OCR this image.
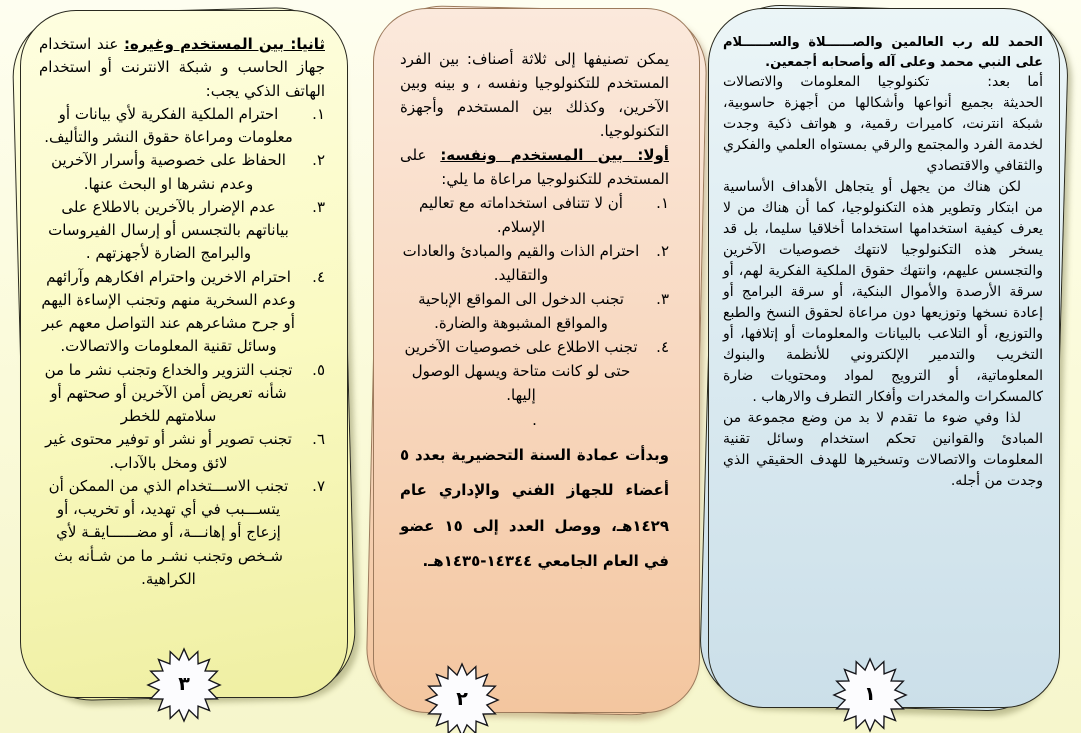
ثانيا: بين المستخدم وغيره: عند استخدام جهاز الحاسب و شبكة الانترنت أو استخدام الهاتف الذكي يجب:

١.
احترام الملكية الفكرية لأي بيانات أو معلومات ومراعاة حقوق النشر والتأليف.
٢.
الحفاظ على خصوصية وأسرار الآخرين وعدم نشرها او البحث عنها.
٣.
عدم الإضرار بالآخرين بالاطلاع على بياناتهم بالتجسس أو إرسال الفيروسات والبرامج الضارة لأجهزتهم .
٤.
احترام الاخرين واحترام افكارهم وآرائهم وعدم السخرية منهم وتجنب الإساءة اليهم أو جرح مشاعرهم عند التواصل معهم عبر وسائل تقنية المعلومات والاتصالات.
٥.
تجنب التزوير والخداع وتجنب نشر ما من شأنه تعريض أمن الآخرين أو صحتهم أو سلامتهم للخطر
٦.
تجنب تصوير أو نشر أو توفير محتوى غير لائق ومخل بالآداب.
٧.
تجنب الاســـتخدام الذي من الممكن أن يتســـبب في أي تهديد، أو تخريب، أو إزعاج أو إهانـــة، أو مضــــــايقـة لأي شـخص وتجنب نشـر ما من شـأنه بث الكراهية.
٣

يمكن تصنيفها إلى ثلاثة أصناف: بين الفرد المستخدم للتكنولوجيا ونفسه ، و بينه وبين الآخرين، وكذلك بين المستخدم وأجهزة التكنولوجيا.

أولا: بين المستخدم ونفسه: على المستخدم للتكنولوجيا مراعاة ما يلي:

١.
أن لا تتنافى استخداماته مع تعاليم الإسلام.
٢.
احترام الذات والقيم والمبادئ والعادات والتقاليد.
٣.
تجنب الدخول الى المواقع الإباحية والمواقع المشبوهة والضارة.
٤.
تجنب الاطلاع على خصوصيات الآخرين حتى لو كانت متاحة ويسهل الوصول إليها.

.

وبدأت عمادة السنة التحضيرية بعدد ٥ أعضاء للجهاز الفني والإداري عام ١٤٢٩هـ، ووصل العدد إلى ١٥ عضو في العام الجامعي ١٤٣٤٤-١٤٣٥هـ.

٢

الحمد لله رب العالمين والصــــــلاة والســــــلام على النبي محمد وعلى آله وأصحابه أجمعين.

أما بعد:تكنولوجيا المعلومات والاتصالات الحديثة بجميع أنواعها وأشكالها من أجهزة حاسوبية، شبكة انترنت، كاميرات رقمية، و هواتف ذكية وجدت لخدمة الفرد والمجتمع والرقي بمستواه العلمي والفكري والثقافي والاقتصادي

لكن هناك من يجهل أو يتجاهل الأهداف الأساسية من ابتكار وتطوير هذه التكنولوجيا، كما أن هناك من لا يعرف كيفية استخدامها استخداما أخلاقيا سليما، بل قد يسخر هذه التكنولوجيا لانتهك خصوصيات الآخرين والتجسس عليهم، وانتهك حقوق الملكية الفكرية لهم، أو سرقة الأرصدة والأموال البنكية، أو سرقة البرامج أو إعادة نسخها وتوزيعها دون مراعاة لحقوق النسخ والطبع والتوزيع، أو التلاعب بالبيانات والمعلومات أو إتلافها، أو التخريب والتدمير الإلكتروني للأنظمة والبنوك المعلوماتية، أو الترويج لمواد ومحتويات ضارة كالمسكرات والمخدرات وأفكار التطرف والارهاب .

لذا وفي ضوء ما تقدم لا بد من وضع مجموعة من المبادئ والقوانين تحكم استخدام وسائل تقنية المعلومات والاتصالات وتسخيرها للهدف الحقيقي الذي وجدت من أجله.

١
